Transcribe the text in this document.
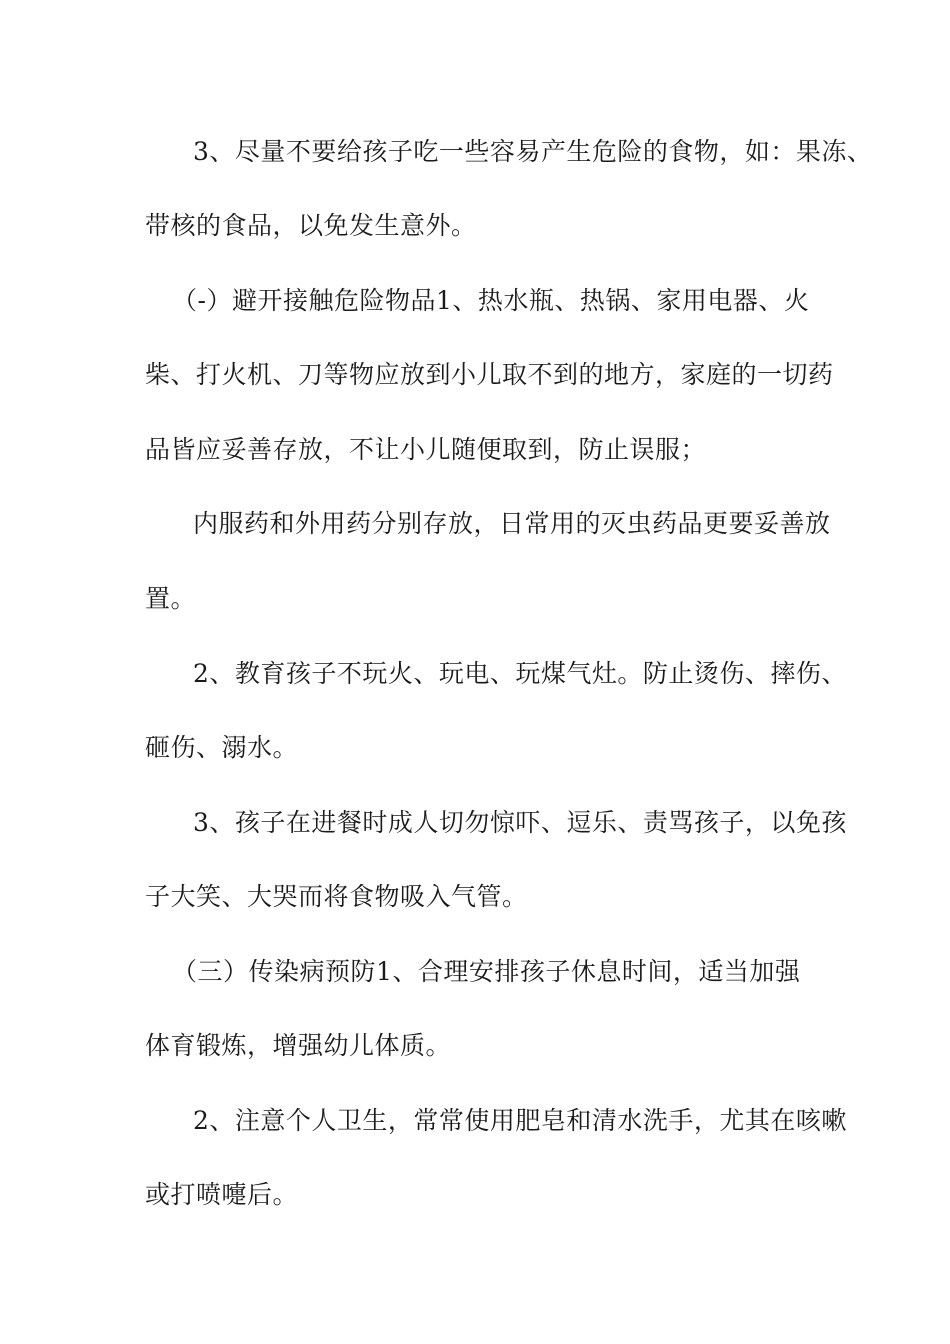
3、尽量不要给孩子吃一些容易产生危险的食物，如：果冻、
带核的食品，以免发生意外。
（-）避开接触危险物品1、热水瓶、热锅、家用电器、火
柴、打火机、刀等物应放到小儿取不到的地方，家庭的一切药
品皆应妥善存放，不让小儿随便取到，防止误服；
内服药和外用药分别存放，日常用的灭虫药品更要妥善放
置。
2、教育孩子不玩火、玩电、玩煤气灶。防止烫伤、摔伤、
砸伤、溺水。
3、孩子在进餐时成人切勿惊吓、逗乐、责骂孩子，以免孩
子大笑、大哭而将食物吸入气管。
（三）传染病预防1、合理安排孩子休息时间，适当加强
体育锻炼，增强幼儿体质。
2、注意个人卫生，常常使用肥皂和清水洗手，尤其在咳嗽
或打喷嚏后。
